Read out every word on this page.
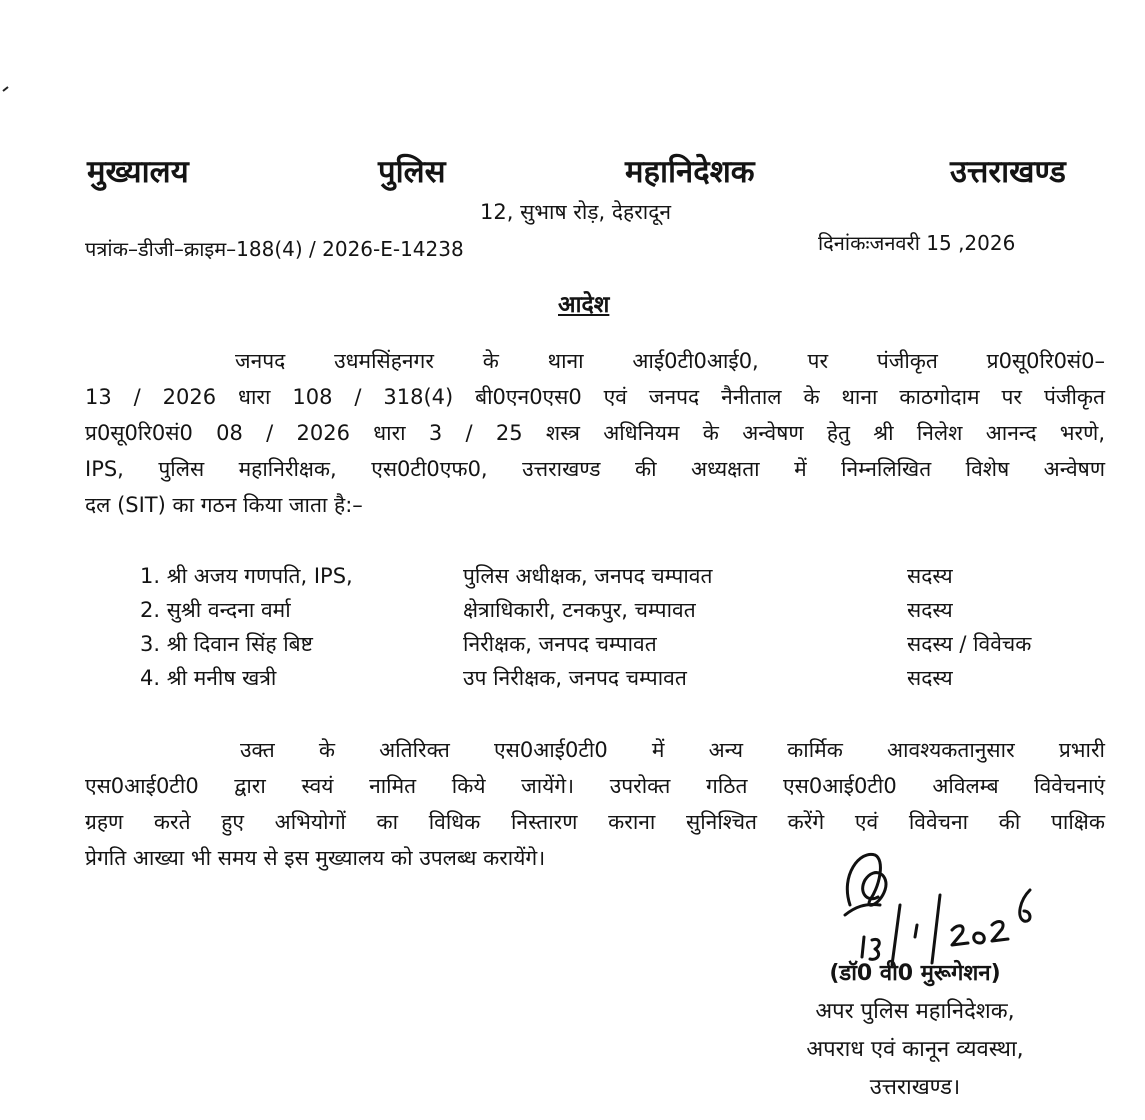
मुख्यालय	पुलिस	महानिदेशक	उत्तराखण्ड
12, सुभाष रोड़, देहरादून
पत्रांक–डीजी–क्राइम–188(4) / 2026-E-14238	दिनांकःजनवरी 15 ,2026
आदेश
जनपद उधमसिंहनगर के थाना आई0टी0आई0, पर पंजीकृत प्र0सू0रि0सं0–
13 / 2026 धारा 108 / 318(4) बी0एन0एस0 एवं जनपद नैनीताल के थाना काठगोदाम पर पंजीकृत
प्र0सू0रि0सं0 08 / 2026 धारा 3 / 25 शस्त्र अधिनियम के अन्वेषण हेतु श्री निलेश आनन्द भरणे,
IPS, पुलिस महानिरीक्षक, एस0टी0एफ0, उत्तराखण्ड की अध्यक्षता में निम्नलिखित विशेष अन्वेषण
दल (SIT) का गठन किया जाता है:–
1. श्री अजय गणपति, IPS,	पुलिस अधीक्षक, जनपद चम्पावत	सदस्य
2. सुश्री वन्दना वर्मा	क्षेत्राधिकारी, टनकपुर, चम्पावत	सदस्य
3. श्री दिवान सिंह बिष्ट	निरीक्षक, जनपद चम्पावत	सदस्य / विवेचक
4. श्री मनीष खत्री	उप निरीक्षक, जनपद चम्पावत	सदस्य
उक्त के अतिरिक्त एस0आई0टी0 में अन्य कार्मिक आवश्यकतानुसार प्रभारी
एस0आई0टी0 द्वारा स्वयं नामित किये जायेंगे। उपरोक्त गठित एस0आई0टी0 अविलम्ब विवेचनाएं
ग्रहण करते हुए अभियोगों का विधिक निस्तारण कराना सुनिश्चित करेंगे एवं विवेचना की पाक्षिक
प्रेगति आख्या भी समय से इस मुख्यालय को उपलब्ध करायेंगे।
(डॉ0 वी0 मुरूगेशन)
अपर पुलिस महानिदेशक,
अपराध एवं कानून व्यवस्था,
उत्तराखण्ड।
